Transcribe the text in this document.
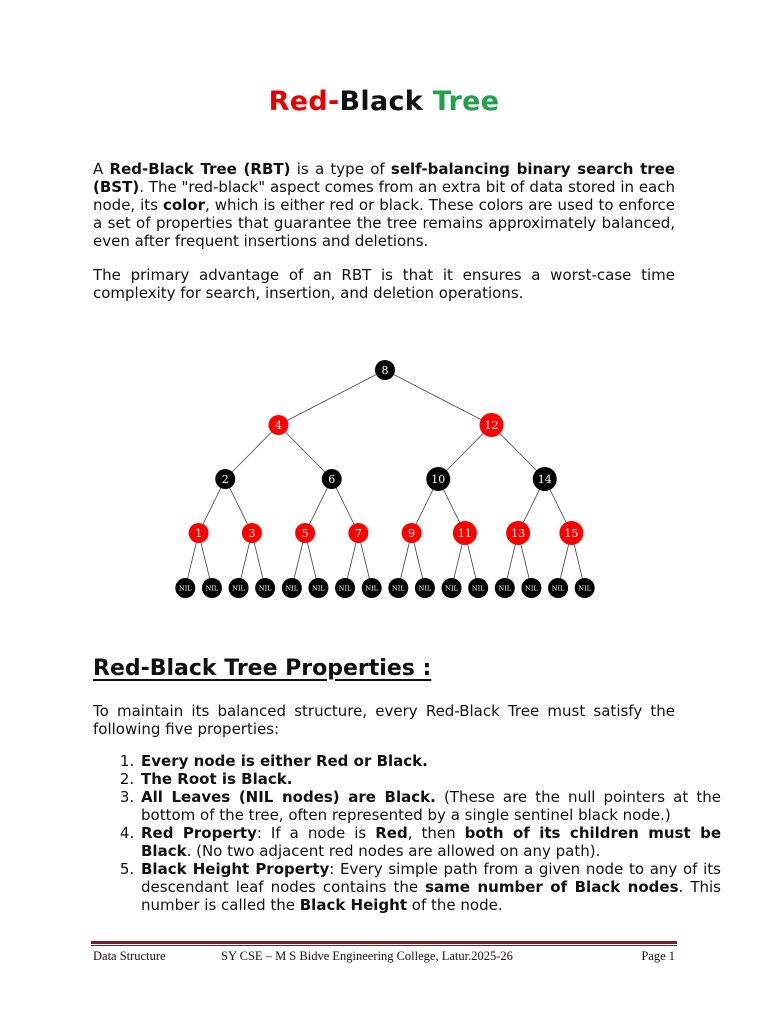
Red-Black Tree

A Red-Black Tree (RBT) is a type of self-balancing binary search tree (BST). The "red-black" aspect comes from an extra bit of data stored in each node, its color, which is either red or black. These colors are used to enforce a set of properties that guarantee the tree remains approximately balanced, even after frequent insertions and deletions.

The primary advantage of an RBT is that it ensures a worst-case time complexity for search, insertion, and deletion operations.

8
4	12
2	6	10	14
1	3	5	7	9	11	13	15
NIL NIL NIL NIL NIL NIL NIL NIL NIL NIL NIL NIL NIL NIL NIL NIL
Red-Black Tree Properties :

To maintain its balanced structure, every Red-Black Tree must satisfy the following five properties:

1. Every node is either Red or Black.
2. The Root is Black.
3. All Leaves (NIL nodes) are Black. (These are the null pointers at the bottom of the tree, often represented by a single sentinel black node.)
4. Red Property: If a node is Red, then both of its children must be Black. (No two adjacent red nodes are allowed on any path).
5. Black Height Property: Every simple path from a given node to any of its descendant leaf nodes contains the same number of Black nodes. This number is called the Black Height of the node.
Data Structure	SY CSE – M S Bidve Engineering College, Latur.2025-26	Page 1
